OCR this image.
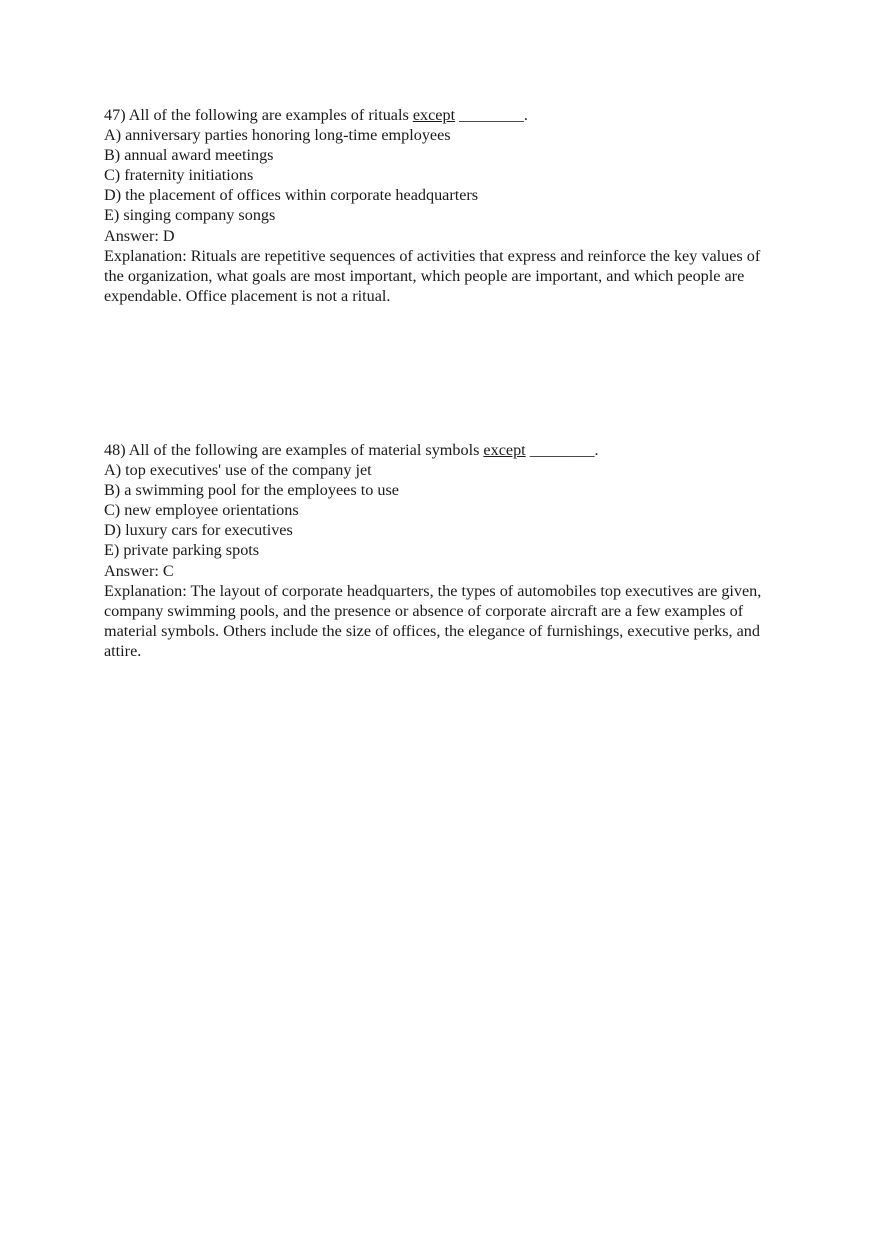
47) All of the following are examples of rituals except ________.
A) anniversary parties honoring long-time employees
B) annual award meetings
C) fraternity initiations
D) the placement of offices within corporate headquarters
E) singing company songs
Answer: D
Explanation: Rituals are repetitive sequences of activities that express and reinforce the key values of the organization, what goals are most important, which people are important, and which people are expendable. Office placement is not a ritual.
48) All of the following are examples of material symbols except ________.
A) top executives' use of the company jet
B) a swimming pool for the employees to use
C) new employee orientations
D) luxury cars for executives
E) private parking spots
Answer: C
Explanation: The layout of corporate headquarters, the types of automobiles top executives are given, company swimming pools, and the presence or absence of corporate aircraft are a few examples of material symbols. Others include the size of offices, the elegance of furnishings, executive perks, and attire.
